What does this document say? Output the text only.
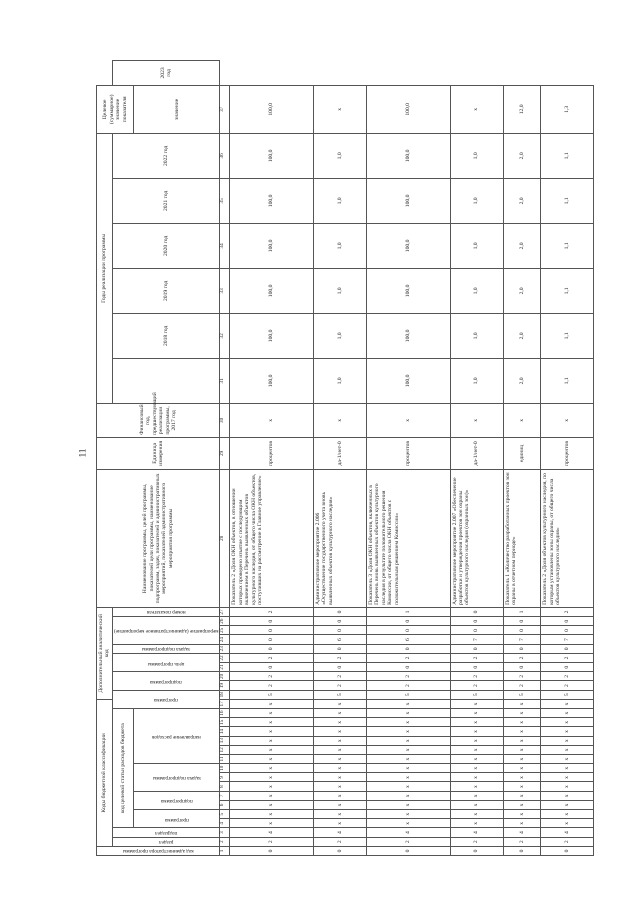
11
код администратора программы	Коды бюджетной классификации																Дополнительный аналитический код										Наименование программы, целей программы, показателей цели программы, наименование подпрограмм, задач, показателей и административных мероприятий, показателей административного мероприятия программы	Единица измерения	Финансовый год, предшествующий реализации программы, 2017 год	Годы реализации программы						Целевое (суммарное) значение показателя	

	раздел	подраздел	код целевой статьи расходов бюджета													программа		подпрограмма		цель программы		задача подпрограммы	мероприятие (административное мероприятие)			номер показателя					2018 год	2019 год	2020 год	2021 год	2022 год		2023 год

			программа		подпрограмма		задача подпрограммы			направление расходов																										значение	
1	2	3	4	5	6	7	8	9	10	11	12	13	14	15	16	17	18	19	20	21	22	23	24	25	26	27	28	29	30	31	32	33	34	35	36	37	
0	2	4	x	x	x	x	x	x	x	x	x	x	x	x	x	x	5	2	2	0	2	0	0	0	0	2	Показатель 2 «Доля ОКН объектов, в отношении которых проведено изъятие с последующим включением в Перечень выявленных объектов культурного наследия, от общего числа ОКН объектов, поступивших на рассмотрение в Главное управление»	процентов	x	100,0	100,0	100,0	100,0	100,0	100,0	100,0	
0	2	4	x	x	x	x	x	x	x	x	x	x	x	x	x	x	5	2	2	0	2	0	6	0	0	0	Административное мероприятие 2.006 «Осуществление государственного учета вновь выявленных объектов культурного наследия»	да-1/нет-0	x	1,0	1,0	1,0	1,0	1,0	1,0	x	
0	2	4	x	x	x	x	x	x	x	x	x	x	x	x	x	x	5	2	2	0	2	0	6	0	0	1	Показатель 3 «Доля ОКН объектов, включенных в Перечень вновь выявленных объектов культурного наследия в результате положительного решения Комиссии, от общего числа ОКН объектов с положительным решением Комиссии»	процентов	x	100,0	100,0	100,0	100,0	100,0	100,0	100,0	
0	2	4	x	x	x	x	x	x	x	x	x	x	x	x	x	x	5	2	2	0	2	0	7	0	0	0	Административное мероприятие 2.007 «Обеспечение разработки и утверждения проектов зон охраны объектов культурного наследия (охранных зон)»	да-1/нет-0	x	1,0	1,0	1,0	1,0	1,0	1,0	x	
0	2	4	x	x	x	x	x	x	x	x	x	x	x	x	x	x	5	2	2	0	2	0	7	0	0	1	Показатель 1 «Количество разработанных проектов зон охраны в отчетном периоде»	единиц	x	2,0	2,0	2,0	2,0	2,0	2,0	12,0	
0	2	4	x	x	x	x	x	x	x	x	x	x	x	x	x	x	5	2	2	0	2	0	7	0	0	2	Показатель 2 «Доля объектов культурного наследия, по которым установлены зоны охраны, от общего числа объектов культурного наследия»	процентов	x	1,1	1,1	1,1	1,1	1,1	1,1	1,3	
